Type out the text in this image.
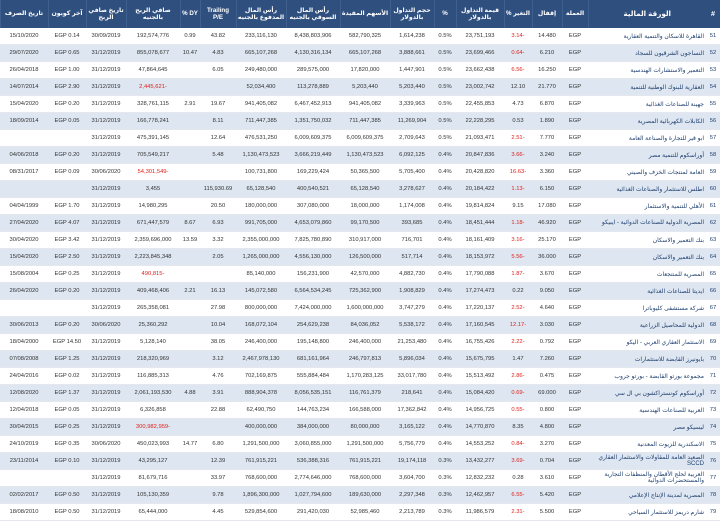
#	الورقة المالية	العملة	إقفال	التغير %	قيمة التداول بالدولار	%	حجم التداول بالدولار	الأسهم المقيدة	رأس المال السوقي بالجنيه	رأس المال المدفوع بالجنيه	Trailing P/E	DY %	صافي الربح بالجنيه	تاريخ صافي الربح	آخر كوبون	تاريخ الصرف
51	القاهرة للاسكان والتنمية العقارية	EGP	14.480	-3.14	23,751,193	0.5%	1,614,238	582,790,325	8,438,803,906	233,116,130	43.82	0.99	192,574,776	30/09/2019	EGP 0.14	15/10/2020
52	النساجون الشرقيون للسجاد	EGP	6.210	-0.64	23,699,466	0.5%	3,888,661	665,107,268	4,130,316,134	665,107,268	4.83	10.47	855,078,677	31/12/2019	EGP 0.65	29/07/2020
53	التعمير والاستشارات الهندسية	EGP	16.250	-6.56	23,662,438	0.5%	1,447,901	17,820,000	289,575,000	249,480,000	6.05		47,864,645	31/12/2019	EGP 1.00	26/04/2018
54	العقارية للبنوك الوطنية للتنمية	EGP	21.770	12.10	23,002,742	0.5%	5,203,440	5,203,440	113,278,889	52,034,400			-2,445,621	31/12/2019	EGP 2.90	14/07/2014
55	جهينة للصناعات الغذائية	EGP	6.870	4.73	22,455,853	0.5%	3,339,963	941,405,082	6,467,452,913	941,405,082	19.67	2.91	328,761,115	31/12/2019	EGP 0.20	15/04/2020
56	الكابلات الكهربائية المصرية	EGP	1.890	0.53	22,228,295	0.5%	11,269,904	711,447,385	1,351,750,032	711,447,385	8.11		166,778,241	31/12/2019	EGP 0.05	18/09/2014
57	ابو قير للتجارة والصناعة العامة	EGP	7.770	-2.51	21,093,471	0.5%	2,709,643	6,009,609,375	6,009,609,375	476,531,250	12.64		475,391,145	31/12/2019		
58	أوراسكوم للتنمية مصر	EGP	3.240	-3.66	20,847,836	0.4%	6,092,125	1,130,473,523	3,666,219,449	1,130,473,523	5.48		705,549,217	31/12/2019	EGP 0.20	04/06/2018
59	العامة لمنتجات الخزف والصيني	EGP	3.360	-16.63	20,428,820	0.4%	5,705,400	50,365,500	169,229,424	100,731,800			-54,301,549	30/06/2020	EGP 0.09	08/31/2017
60	اطلس للاستثمار والصناعات الغذائية	EGP	6.150	-1.13	20,184,422	0.4%	3,278,627	65,128,540	400,540,521	65,128,540	115,930.69		3,455	31/12/2019		
61	الأهلي للتنمية والاستثمار	EGP	17.080	9.15	19,814,824	0.4%	1,174,008	18,000,000	307,080,000	180,000,000	20.50		14,980,295	31/12/2019	EGP 1.70	04/04/1999
62	المصرية الدولية للصناعات الدوائية - ايبيكو	EGP	46.920	-1.18	18,451,444	0.4%	393,685	99,170,500	4,653,079,860	991,705,000	6.93	8.67	671,447,579	31/12/2019	EGP 4.07	27/04/2020
63	بنك التعمير والاسكان	EGP	25.170	-3.16	18,161,409	0.4%	716,701	310,917,000	7,825,780,890	2,355,000,000	3.32	13.59	2,359,696,000	31/12/2019	EGP 3.42	30/04/2020
64	بنك التعمير والاسكان	EGP	36.000	-5.56	18,153,972	0.4%	517,714	126,500,000	4,556,130,000	1,265,000,000	2.05		2,223,845,348	31/12/2019	EGP 2.50	15/04/2020
65	المصرية للمنتجعات	EGP	3.670	-1.87	17,790,088	0.4%	4,882,730	42,570,000	156,231,900	85,140,000			-490,815	31/12/2019	EGP 0.25	15/08/2004
66	ايديتا للصناعات الغذائية	EGP	9.050	0.22	17,274,473	0.4%	1,908,829	725,362,900	6,564,534,245	145,072,580	16.13	2.21	409,468,406	31/12/2019	EGP 0.20	26/04/2020
67	شركة مستشفى كليوباترا	EGP	4.640	-2.52	17,220,137	0.4%	3,747,279	1,600,000,000	7,424,000,000	800,000,000	27.98		265,358,081	31/12/2019		
68	الدولية للمحاصيل الزراعية	EGP	3.030	-12.17	17,160,545	0.4%	5,538,172	84,036,052	254,629,238	168,072,104	10.04		25,360,292	30/06/2020	EGP 0.20	30/06/2013
69	الاستثمار العقاري العربي - اليكو	EGP	0.792	-2.22	16,755,426	0.4%	21,253,480	246,400,000	195,148,800	246,400,000	38.05		5,128,140	31/12/2019	EGP 14.50	18/04/2000
70	بايونيرز القابضة للاستثمارات	EGP	7.260	1.47	15,675,795	0.4%	5,896,034	246,797,813	681,161,964	2,467,978,130	3.12		218,320,969	31/12/2019	EGP 1.25	07/08/2008
71	مجموعة بورتو القابضة - بورتو جروب	EGP	0.475	-2.86	15,513,492	0.4%	33,017,780	1,170,283,125	555,884,484	702,169,875	4.76		116,885,313	31/12/2019	EGP 0.02	24/04/2016
72	أوراسكوم كونستراكشون بي ال سي	EGP	69.000	-0.69	15,084,420	0.4%	218,641	116,761,379	8,056,535,151	888,904,378	3.91	4.88	2,061,193,530	31/12/2019	EGP 1.37	12/08/2020
73	العربية للصناعات الهندسية	EGP	0.800	-0.55	14,956,725	0.4%	17,362,842	166,588,000	144,763,234	62,490,750	22.88		6,326,858	31/12/2019	EGP 0.05	12/04/2018
74	ليسيكو مصر	EGP	4.800	8.35	14,770,870	0.4%	3,165,122	80,000,000	384,000,000	400,000,000			-300,982,959	31/12/2019	EGP 0.25	30/04/2015
75	الاسكندرية للزيوت المعدنية	EGP	3.270	-0.84	14,553,252	0.4%	5,756,779	1,291,500,000	3,060,855,000	1,291,500,000	6.80	14.77	450,023,993	30/06/2020	EGP 0.35	24/10/2019
76	الصعيد العامة للمقاولات والاستثمار العقاري SCCD	EGP	0.704	-3.69	13,432,277	0.3%	19,174,118	761,915,221	536,388,316	761,915,221	12.39		43,295,127	31/12/2019	EGP 0.10	23/11/2014
77	العربية لحلج الأقطان والمنظفات التجارية والمستحضرات الدوائية	EGP	3.610	0.28	12,832,232	0.3%	3,604,700	768,600,000	2,774,646,000	768,600,000	33.97		81,679,716	31/12/2019		
78	المصرية لمدينة الإنتاج الإعلامي	EGP	5.420	-6.55	12,462,957	0.3%	2,297,348	189,630,000	1,027,794,600	1,896,300,000	9.78		105,130,359	31/12/2019	EGP 0.50	02/02/2017
79	شارم دريمز للاستثمار السياحي	EGP	5.500	-2.31	11,986,579	0.3%	2,213,789	52,985,460	291,420,030	529,854,600	4.45		65,444,000	31/12/2019	EGP 0.50	18/08/2010
